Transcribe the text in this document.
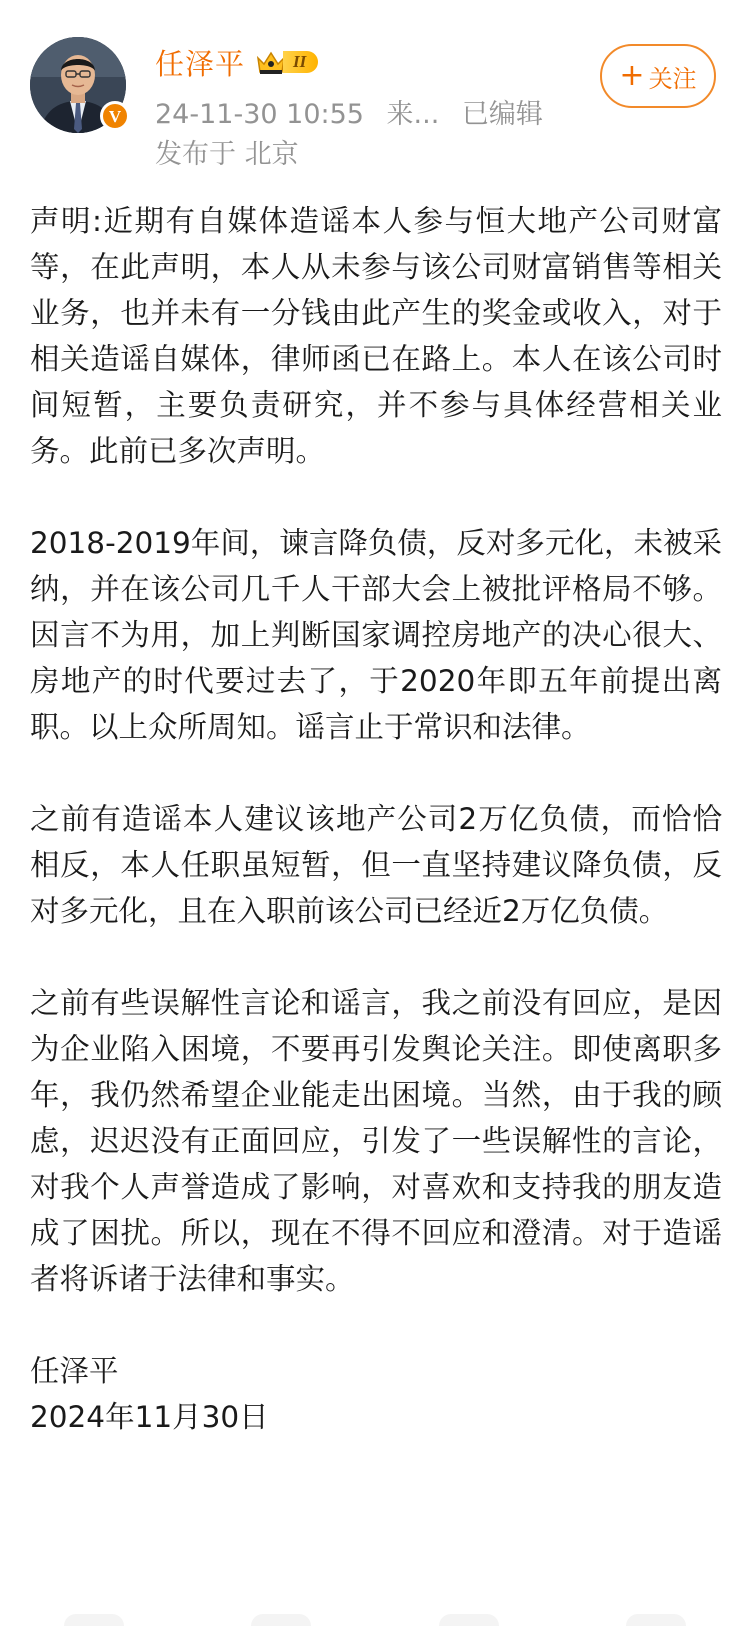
V
任泽平	II
24-11-30 10:55 来... 已编辑
发布于 北京
+ 关注

声明:近期有自媒体造谣本人参与恒大地产公司财富等，在此声明，本人从未参与该公司财富销售等相关业务，也并未有一分钱由此产生的奖金或收入，对于相关造谣自媒体，律师函已在路上。本人在该公司时间短暂，主要负责研究，并不参与具体经营相关业务。此前已多次声明。

2018-2019年间，谏言降负债，反对多元化，未被采纳，并在该公司几千人干部大会上被批评格局不够。因言不为用，加上判断国家调控房地产的决心很大、房地产的时代要过去了，于2020年即五年前提出离职。以上众所周知。谣言止于常识和法律。

之前有造谣本人建议该地产公司2万亿负债，而恰恰相反，本人任职虽短暂，但一直坚持建议降负债，反对多元化，且在入职前该公司已经近2万亿负债。

之前有些误解性言论和谣言，我之前没有回应，是因为企业陷入困境，不要再引发舆论关注。即使离职多年，我仍然希望企业能走出困境。当然，由于我的顾虑，迟迟没有正面回应，引发了一些误解性的言论，对我个人声誉造成了影响，对喜欢和支持我的朋友造成了困扰。所以，现在不得不回应和澄清。对于造谣者将诉诸于法律和事实。

任泽平

2024年11月30日
